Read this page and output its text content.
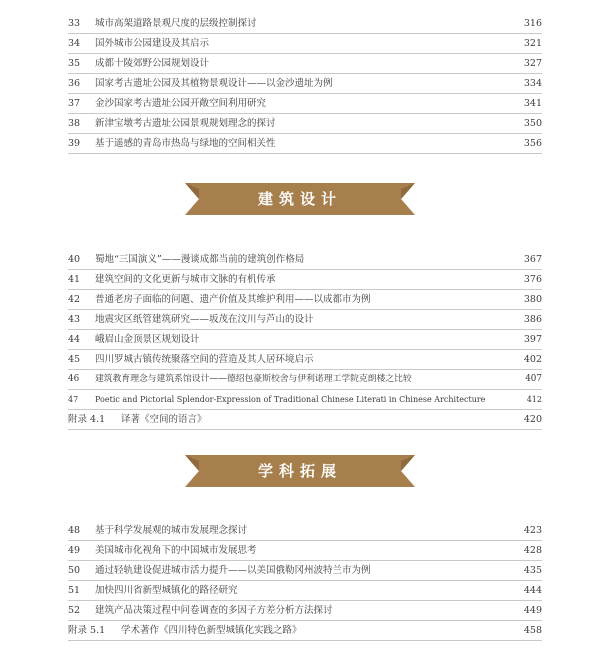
33 城市高架道路景观尺度的层级控制探讨	316
34 国外城市公园建设及其启示	321
35 成都十陵郊野公园规划设计	327
36 国家考古遗址公园及其植物景观设计——以金沙遗址为例	334
37 金沙国家考古遗址公园开敞空间利用研究	341
38 新津宝墩考古遗址公园景观规划理念的探讨	350
39 基于遥感的青岛市热岛与绿地的空间相关性	356
建筑设计
40 蜀地“三国演义”——漫谈成都当前的建筑创作格局	367
41 建筑空间的文化更新与城市文脉的有机传承	376
42 普通老房子面临的问题、遗产价值及其维护利用——以成都市为例	380
43 地震灾区纸管建筑研究——坂茂在汶川与芦山的设计	386
44 峨眉山金顶景区规划设计	397
45 四川罗城古镇传统聚落空间的营造及其人居环境启示	402
46 建筑教育理念与建筑系馆设计——德绍包豪斯校舍与伊利诺理工学院克朗楼之比较	407
47 Poetic and Pictorial Splendor-Expression of Traditional Chinese Literati in Chinese Architecture	412
附录 4.1 译著《空间的语言》	420
学科拓展
48 基于科学发展观的城市发展理念探讨	423
49 美国城市化视角下的中国城市发展思考	428
50 通过轻轨建设促进城市活力提升——以美国俄勒冈州波特兰市为例	435
51 加快四川省新型城镇化的路径研究	444
52 建筑产品决策过程中问卷调查的多因子方差分析方法探讨	449
附录 5.1 学术著作《四川特色新型城镇化实践之路》	458
